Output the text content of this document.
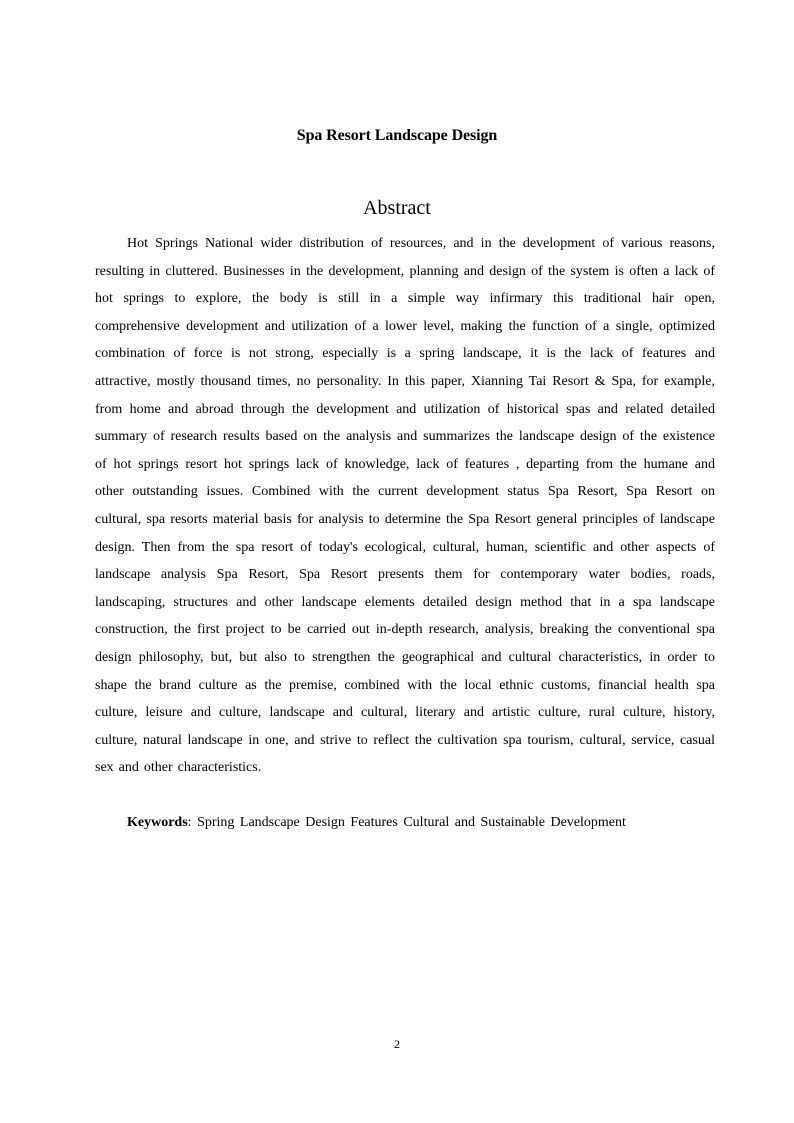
Spa Resort Landscape Design
Abstract

Hot Springs National wider distribution of resources, and in the development of various reasons, resulting in cluttered. Businesses in the development, planning and design of the system is often a lack of hot springs to explore, the body is still in a simple way infirmary this traditional hair open, comprehensive development and utilization of a lower level, making the function of a single, optimized combination of force is not strong, especially is a spring landscape, it is the lack of features and attractive, mostly thousand times, no personality. In this paper, Xianning Tai Resort & Spa, for example, from home and abroad through the development and utilization of historical spas and related detailed summary of research results based on the analysis and summarizes the landscape design of the existence of hot springs resort hot springs lack of knowledge, lack of features , departing from the humane and other outstanding issues. Combined with the current development status Spa Resort, Spa Resort on cultural, spa resorts material basis for analysis to determine the Spa Resort general principles of landscape design. Then from the spa resort of today's ecological, cultural, human, scientific and other aspects of landscape analysis Spa Resort, Spa Resort presents them for contemporary water bodies, roads, landscaping, structures and other landscape elements detailed design method that in a spa landscape construction, the first project to be carried out in-depth research, analysis, breaking the conventional spa design philosophy, but, but also to strengthen the geographical and cultural characteristics, in order to shape the brand culture as the premise, combined with the local ethnic customs, financial health spa culture, leisure and culture, landscape and cultural, literary and artistic culture, rural culture, history, culture, natural landscape in one, and strive to reflect the cultivation spa tourism, cultural, service, casual sex and other characteristics.

Keywords: Spring Landscape Design Features Cultural and Sustainable Development
2
